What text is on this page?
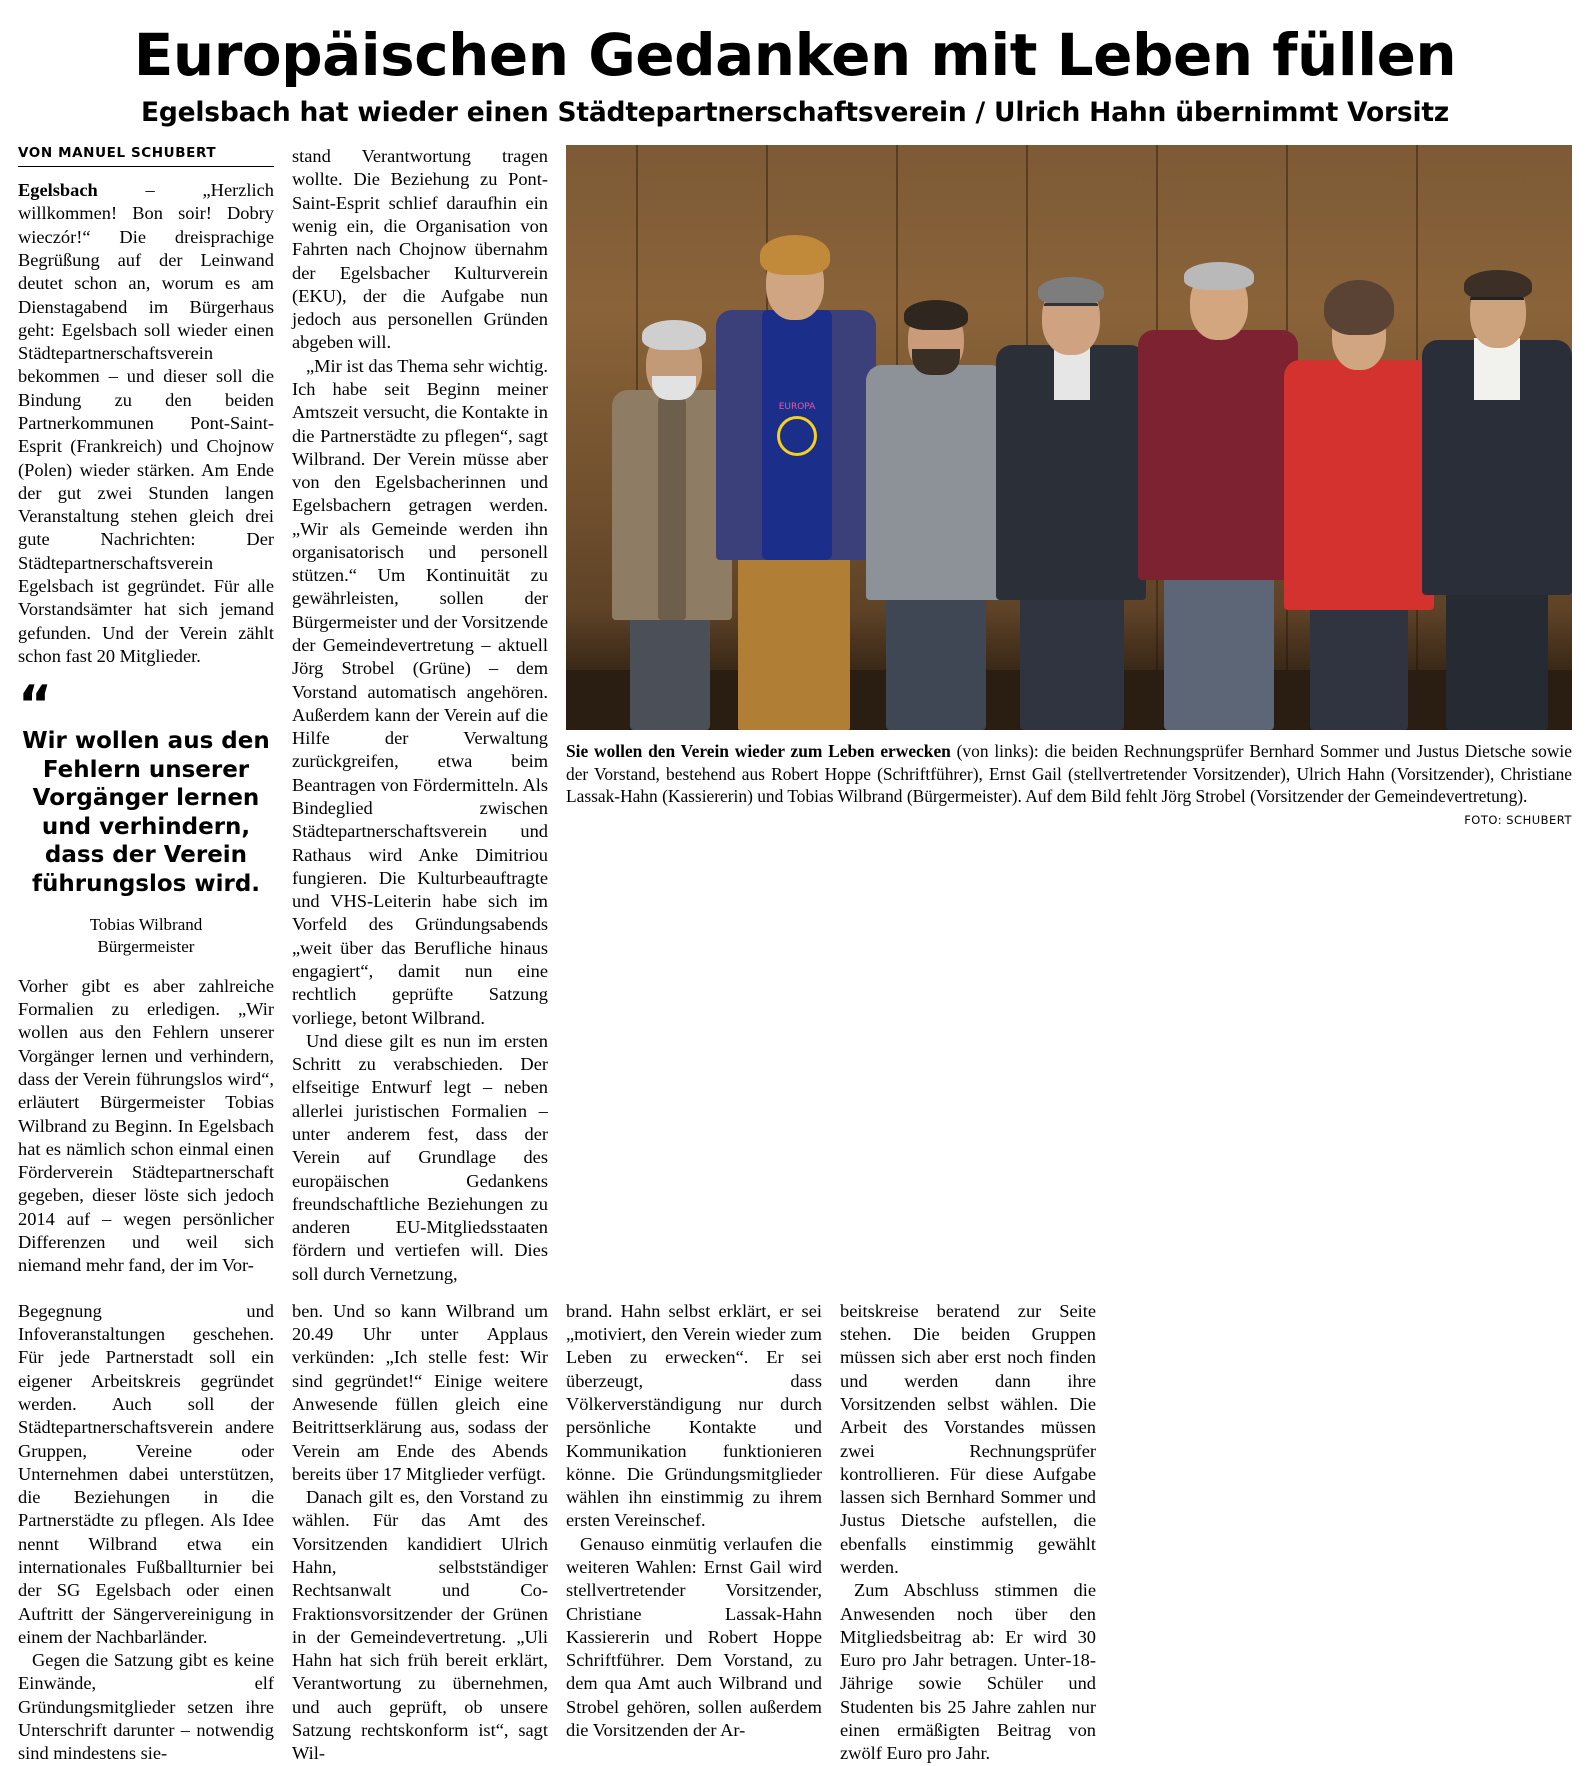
Europäischen Gedanken mit Leben füllen
Egelsbach hat wieder einen Städtepartnerschaftsverein / Ulrich Hahn übernimmt Vorsitz
VON MANUEL SCHUBERT

Egelsbach – „Herzlich willkommen! Bon soir! Dobry wieczór!“ Die dreisprachige Begrüßung auf der Leinwand deutet schon an, worum es am Dienstagabend im Bürgerhaus geht: Egelsbach soll wieder einen Städtepartnerschaftsverein bekommen – und dieser soll die Bindung zu den beiden Partnerkommunen Pont-Saint-Esprit (Frankreich) und Chojnow (Polen) wieder stärken. Am Ende der gut zwei Stunden langen Veranstaltung stehen gleich drei gute Nachrichten: Der Städtepartnerschaftsverein Egelsbach ist gegründet. Für alle Vorstandsämter hat sich jemand gefunden. Und der Verein zählt schon fast 20 Mitglieder.

“
Wir wollen aus den Fehlern unserer Vorgänger lernen und verhindern, dass der Verein führungslos wird.
Tobias Wilbrand
Bürgermeister

Vorher gibt es aber zahlreiche Formalien zu erledigen. „Wir wollen aus den Fehlern unserer Vorgänger lernen und verhindern, dass der Verein führungslos wird“, erläutert Bürgermeister Tobias Wilbrand zu Beginn. In Egelsbach hat es nämlich schon einmal einen Förderverein Städtepartnerschaft gegeben, dieser löste sich jedoch 2014 auf – wegen persönlicher Differenzen und weil sich niemand mehr fand, der im Vor-

stand Verantwortung tragen wollte. Die Beziehung zu Pont-Saint-Esprit schlief daraufhin ein wenig ein, die Organisation von Fahrten nach Chojnow übernahm der Egelsbacher Kulturverein (EKU), der die Aufgabe nun jedoch aus personellen Gründen abgeben will.

„Mir ist das Thema sehr wichtig. Ich habe seit Beginn meiner Amtszeit versucht, die Kontakte in die Partnerstädte zu pflegen“, sagt Wilbrand. Der Verein müsse aber von den Egelsbacherinnen und Egelsbachern getragen werden. „Wir als Gemeinde werden ihn organisatorisch und personell stützen.“ Um Kontinuität zu gewährleisten, sollen der Bürgermeister und der Vorsitzende der Gemeindevertretung – aktuell Jörg Strobel (Grüne) – dem Vorstand automatisch angehören. Außerdem kann der Verein auf die Hilfe der Verwaltung zurückgreifen, etwa beim Beantragen von Fördermitteln. Als Bindeglied zwischen Städtepartnerschaftsverein und Rathaus wird Anke Dimitriou fungieren. Die Kulturbeauftragte und VHS-Leiterin habe sich im Vorfeld des Gründungsabends „weit über das Berufliche hinaus engagiert“, damit nun eine rechtlich geprüfte Satzung vorliege, betont Wilbrand.

Und diese gilt es nun im ersten Schritt zu verabschieden. Der elfseitige Entwurf legt – neben allerlei juristischen Formalien – unter anderem fest, dass der Verein auf Grundlage des europäischen Gedankens freundschaftliche Beziehungen zu anderen EU-Mitgliedsstaaten fördern und vertiefen will. Dies soll durch Vernetzung,

EUROPA
Sie wollen den Verein wieder zum Leben erwecken (von links): die beiden Rechnungsprüfer Bernhard Sommer und Justus Dietsche sowie der Vorstand, bestehend aus Robert Hoppe (Schriftführer), Ernst Gail (stellvertretender Vorsitzender), Ulrich Hahn (Vorsitzender), Christiane Lassak-Hahn (Kassiererin) und Tobias Wilbrand (Bürgermeister). Auf dem Bild fehlt Jörg Strobel (Vorsitzender der Gemeindevertretung).
FOTO: SCHUBERT

Begegnung und Infoveranstaltungen geschehen. Für jede Partnerstadt soll ein eigener Arbeitskreis gegründet werden. Auch soll der Städtepartnerschaftsverein andere Gruppen, Vereine oder Unternehmen dabei unterstützen, die Beziehungen in die Partnerstädte zu pflegen. Als Idee nennt Wilbrand etwa ein internationales Fußballturnier bei der SG Egelsbach oder einen Auftritt der Sängervereinigung in einem der Nachbarländer.

Gegen die Satzung gibt es keine Einwände, elf Gründungsmitglieder setzen ihre Unterschrift darunter – notwendig sind mindestens sie-

ben. Und so kann Wilbrand um 20.49 Uhr unter Applaus verkünden: „Ich stelle fest: Wir sind gegründet!“ Einige weitere Anwesende füllen gleich eine Beitrittserklärung aus, sodass der Verein am Ende des Abends bereits über 17 Mitglieder verfügt.

Danach gilt es, den Vorstand zu wählen. Für das Amt des Vorsitzenden kandidiert Ulrich Hahn, selbstständiger Rechtsanwalt und Co-Fraktionsvorsitzender der Grünen in der Gemeindevertretung. „Uli Hahn hat sich früh bereit erklärt, Verantwortung zu übernehmen, und auch geprüft, ob unsere Satzung rechtskonform ist“, sagt Wil-

brand. Hahn selbst erklärt, er sei „motiviert, den Verein wieder zum Leben zu erwecken“. Er sei überzeugt, dass Völkerverständigung nur durch persönliche Kontakte und Kommunikation funktionieren könne. Die Gründungsmitglieder wählen ihn einstimmig zu ihrem ersten Vereinschef.

Genauso einmütig verlaufen die weiteren Wahlen: Ernst Gail wird stellvertretender Vorsitzender, Christiane Lassak-Hahn Kassiererin und Robert Hoppe Schriftführer. Dem Vorstand, zu dem qua Amt auch Wilbrand und Strobel gehören, sollen außerdem die Vorsitzenden der Ar-

beitskreise beratend zur Seite stehen. Die beiden Gruppen müssen sich aber erst noch finden und werden dann ihre Vorsitzenden selbst wählen. Die Arbeit des Vorstandes müssen zwei Rechnungsprüfer kontrollieren. Für diese Aufgabe lassen sich Bernhard Sommer und Justus Dietsche aufstellen, die ebenfalls einstimmig gewählt werden.

Zum Abschluss stimmen die Anwesenden noch über den Mitgliedsbeitrag ab: Er wird 30 Euro pro Jahr betragen. Unter-18-Jährige sowie Schüler und Studenten bis 25 Jahre zahlen nur einen ermäßigten Beitrag von zwölf Euro pro Jahr.
